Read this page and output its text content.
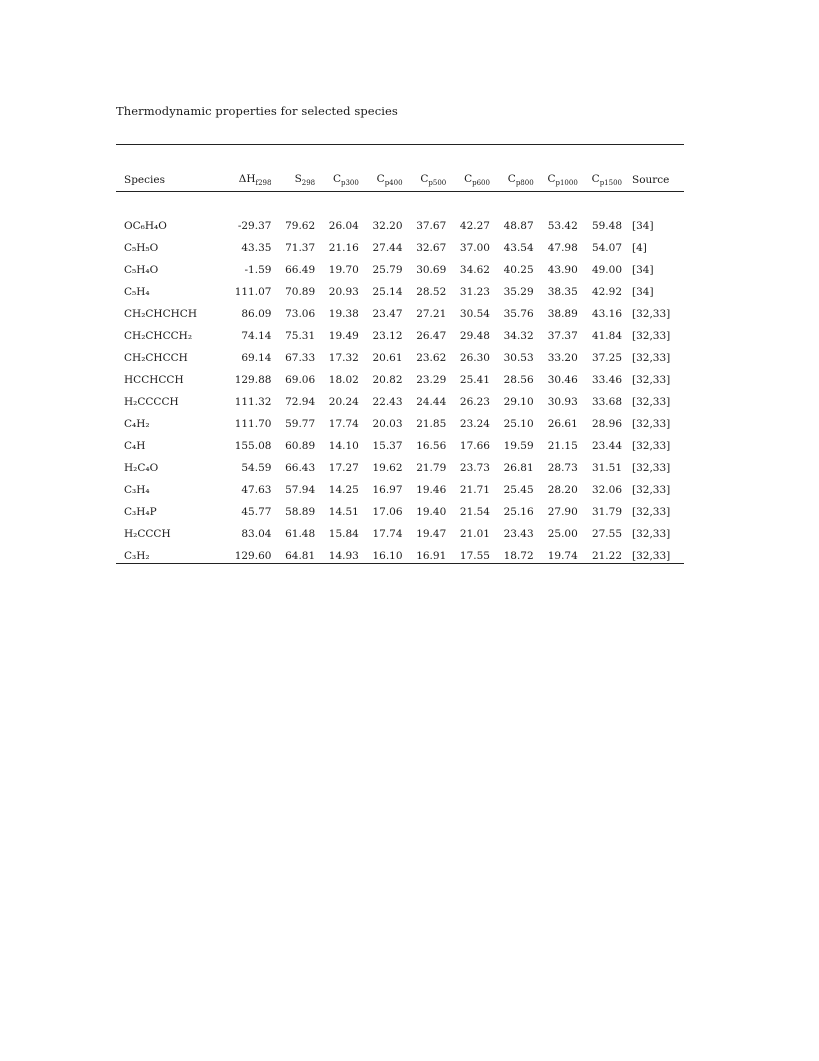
Thermodynamic properties for selected species
Species	$\Delta H_{f298}$	$S_{298}$	$C_{p300}$	$C_{p400}$	$C_{p500}$	$C_{p600}$	$C_{p800}$	$C_{p1000}$	$C_{p1500}$	Source

OC₆H₄O	-29.37	79.62	26.04	32.20	37.67	42.27	48.87	53.42	59.48	[34]
C₅H₅O	43.35	71.37	21.16	27.44	32.67	37.00	43.54	47.98	54.07	[4]
C₅H₄O	-1.59	66.49	19.70	25.79	30.69	34.62	40.25	43.90	49.00	[34]
C₅H₄	111.07	70.89	20.93	25.14	28.52	31.23	35.29	38.35	42.92	[34]
CH₂CHCHCH	86.09	73.06	19.38	23.47	27.21	30.54	35.76	38.89	43.16	[32,33]
CH₂CHCCH₂	74.14	75.31	19.49	23.12	26.47	29.48	34.32	37.37	41.84	[32,33]
CH₂CHCCH	69.14	67.33	17.32	20.61	23.62	26.30	30.53	33.20	37.25	[32,33]
HCCHCCH	129.88	69.06	18.02	20.82	23.29	25.41	28.56	30.46	33.46	[32,33]
H₂CCCCH	111.32	72.94	20.24	22.43	24.44	26.23	29.10	30.93	33.68	[32,33]
C₄H₂	111.70	59.77	17.74	20.03	21.85	23.24	25.10	26.61	28.96	[32,33]
C₄H	155.08	60.89	14.10	15.37	16.56	17.66	19.59	21.15	23.44	[32,33]
H₂C₄O	54.59	66.43	17.27	19.62	21.79	23.73	26.81	28.73	31.51	[32,33]
C₃H₄	47.63	57.94	14.25	16.97	19.46	21.71	25.45	28.20	32.06	[32,33]
C₃H₄P	45.77	58.89	14.51	17.06	19.40	21.54	25.16	27.90	31.79	[32,33]
H₂CCCH	83.04	61.48	15.84	17.74	19.47	21.01	23.43	25.00	27.55	[32,33]
C₃H₂	129.60	64.81	14.93	16.10	16.91	17.55	18.72	19.74	21.22	[32,33]
